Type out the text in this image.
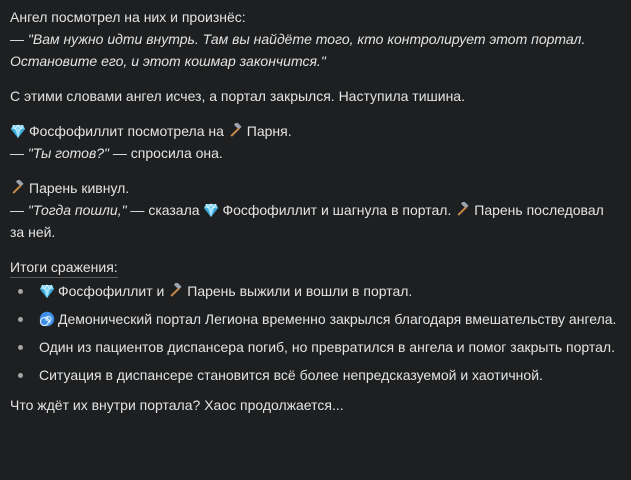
Ангел посмотрел на них и произнёс:

— "Вам нужно идти внутрь. Там вы найдёте того, кто контролирует этот портал. Остановите его, и этот кошмар закончится."

С этими словами ангел исчез, а портал закрылся. Наступила тишина.

Фосфофиллит посмотрела на
Парня.

— "Ты готов?" — спросила она.

Парень кивнул.

— "Тогда пошли," — сказала
Фосфофиллит и шагнула в портал.
Парень последовал за ней.

Итоги сражения:

Фосфофиллит и
Парень выжили и вошли в портал.
Демонический портал Легиона временно закрылся благодаря вмешательству ангела.
Один из пациентов диспансера погиб, но превратился в ангела и помог закрыть портал.
Ситуация в диспансере становится всё более непредсказуемой и хаотичной.

Что ждёт их внутри портала? Хаос продолжается...
